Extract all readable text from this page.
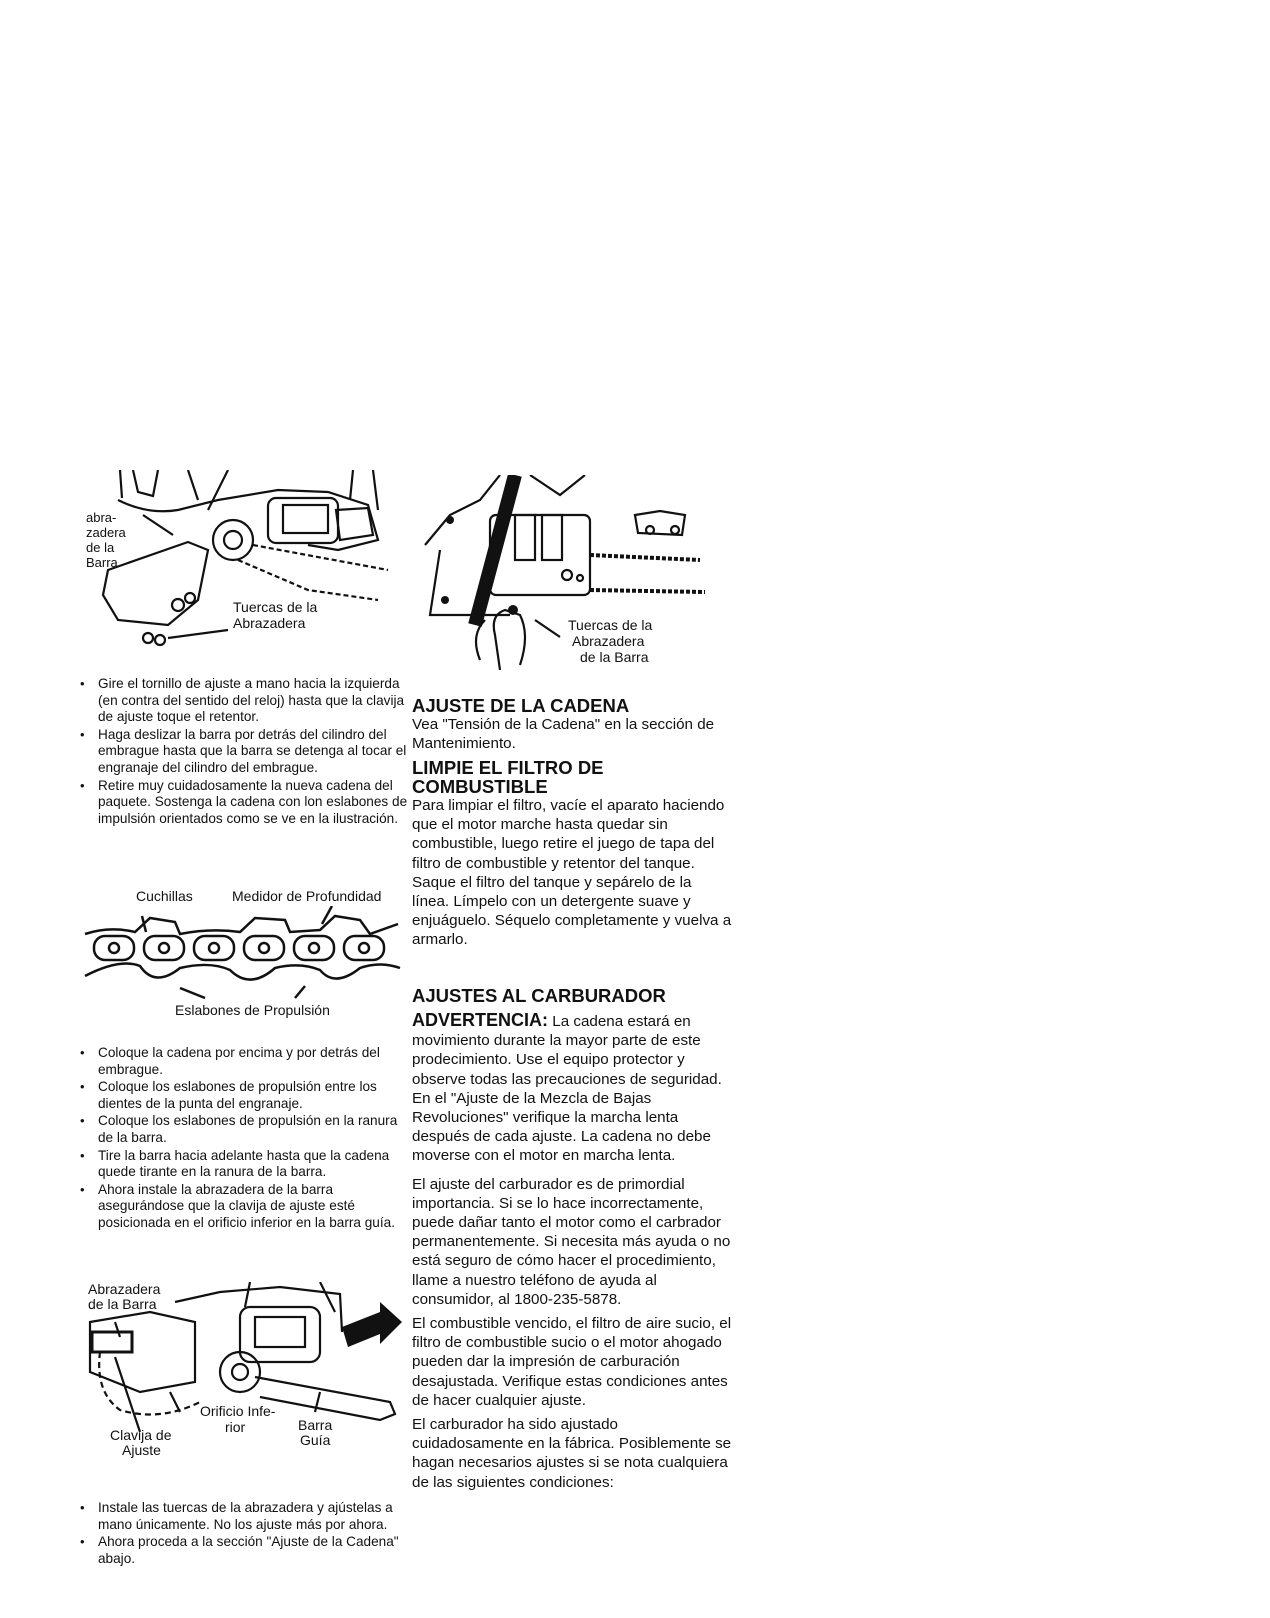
abra-
zadera
de la
Barra
Tuercas de la
Abrazadera
• Gire el tornillo de ajuste a mano hacia la izquierda (en contra del sentido del reloj) hasta que la clavija de ajuste toque el retentor.
• Haga deslizar la barra por detrás del cilindro del embrague hasta que la barra se detenga al tocar el engranaje del cilindro del embrague.
• Retire muy cuidadosamente la nueva cadena del paquete. Sostenga la cadena con lon eslabones de impulsión orientados como se ve en la ilustración.
Cuchillas	Medidor de Profundidad
Eslabones de Propulsión
• Coloque la cadena por encima y por detrás del embrague.
• Coloque los eslabones de propulsión entre los dientes de la punta del engranaje.
• Coloque los eslabones de propulsión en la ranura de la barra.
• Tire la barra hacia adelante hasta que la cadena quede tirante en la ranura de la barra.
• Ahora instale la abrazadera de la barra asegurándose que la clavija de ajuste esté posicionada en el orificio inferior en la barra guía.
Abrazadera
de la Barra
Orificio Infe-
rior	Barra
Guía
Clavija de
Ajuste
• Instale las tuercas de la abrazadera y ajústelas a mano únicamente. No los ajuste más por ahora.
• Ahora proceda a la sección "Ajuste de la Cadena" abajo.
Tuercas de la
Abrazadera
de la Barra

AJUSTE DE LA CADENA

Vea "Tensión de la Cadena" en la sección de Mantenimiento.

LIMPIE EL FILTRO DE COMBUSTIBLE

Para limpiar el filtro, vacíe el aparato haciendo que el motor marche hasta quedar sin combustible, luego retire el juego de tapa del filtro de combustible y retentor del tanque. Saque el filtro del tanque y sepárelo de la línea. Límpelo con un detergente suave y enjuáguelo. Séquelo completamente y vuelva a armarlo.

AJUSTES AL CARBURADOR

ADVERTENCIA: La cadena estará en movimiento durante la mayor parte de este prodecimiento. Use el equipo protector y observe todas las precauciones de seguridad. En el "Ajuste de la Mezcla de Bajas Revoluciones" verifique la marcha lenta después de cada ajuste. La cadena no debe moverse con el motor en marcha lenta.

El ajuste del carburador es de primordial importancia. Si se lo hace incorrectamente, puede dañar tanto el motor como el carbrador permanentemente. Si necesita más ayuda o no está seguro de cómo hacer el procedimiento, llame a nuestro teléfono de ayuda al consumidor, al 1800-235-5878.

El combustible vencido, el filtro de aire sucio, el filtro de combustible sucio o el motor ahogado pueden dar la impresión de carburación desajustada. Verifique estas condiciones antes de hacer cualquier ajuste.

El carburador ha sido ajustado cuidadosamente en la fábrica. Posiblemente se hagan necesarios ajustes si se nota cualquiera de las siguientes condiciones:
